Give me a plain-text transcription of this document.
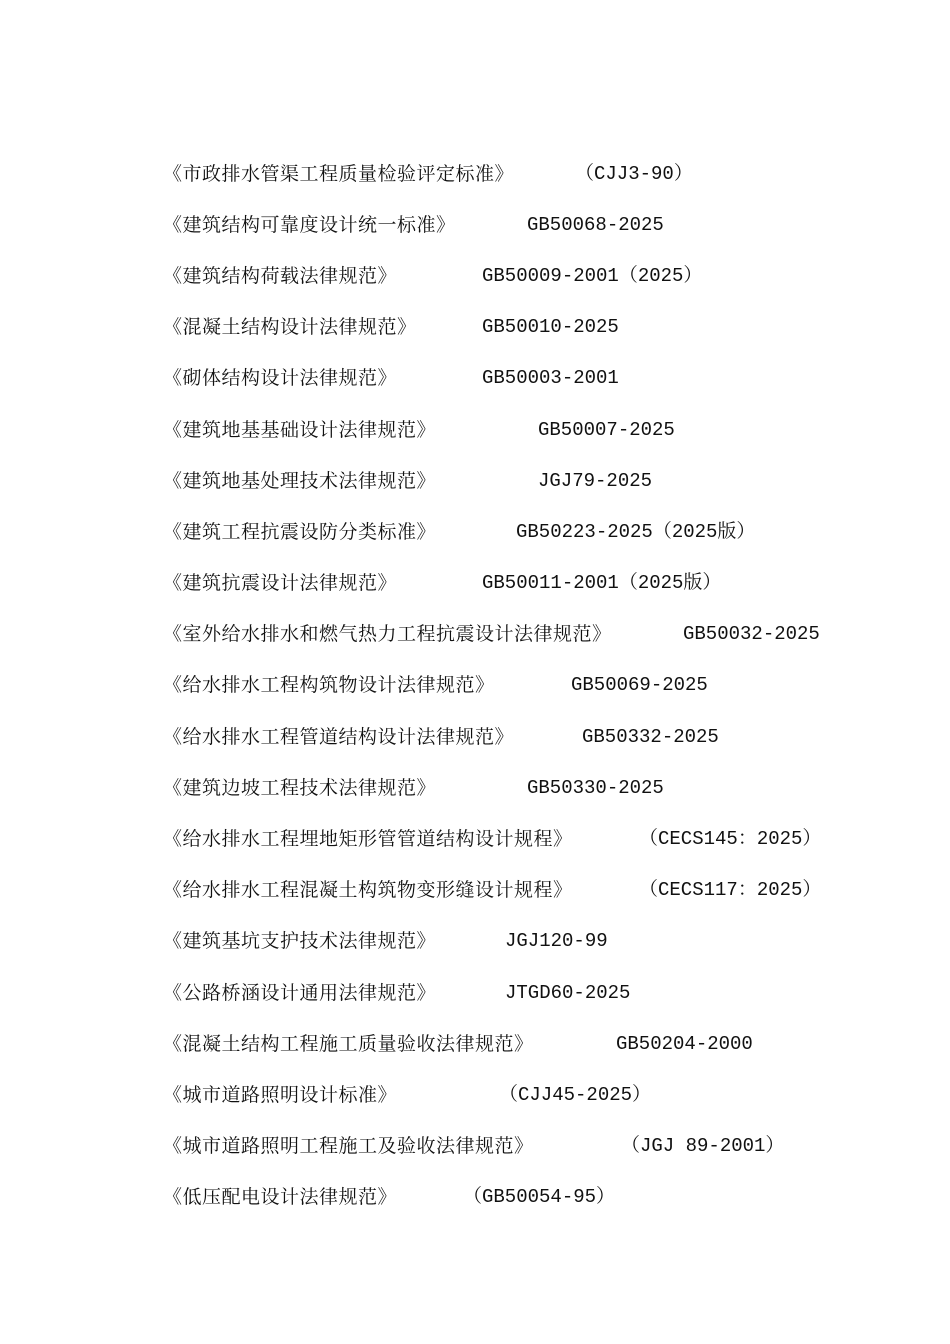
《市政排水管渠工程质量检验评定标准》	（CJJ3-90）
《建筑结构可靠度设计统一标准》	GB50068-2025
《建筑结构荷载法律规范》	GB50009-2001（2025）
《混凝土结构设计法律规范》	GB50010-2025
《砌体结构设计法律规范》	GB50003-2001
《建筑地基基础设计法律规范》	GB50007-2025
《建筑地基处理技术法律规范》	JGJ79-2025
《建筑工程抗震设防分类标准》	GB50223-2025（2025版）
《建筑抗震设计法律规范》	GB50011-2001（2025版）
《室外给水排水和燃气热力工程抗震设计法律规范》	GB50032-2025
《给水排水工程构筑物设计法律规范》	GB50069-2025
《给水排水工程管道结构设计法律规范》	GB50332-2025
《建筑边坡工程技术法律规范》	GB50330-2025
《给水排水工程埋地矩形管管道结构设计规程》	（CECS145：2025）
《给水排水工程混凝土构筑物变形缝设计规程》	（CECS117：2025）
《建筑基坑支护技术法律规范》	JGJ120-99
《公路桥涵设计通用法律规范》	JTGD60-2025
《混凝土结构工程施工质量验收法律规范》	GB50204-2000
《城市道路照明设计标准》	（CJJ45-2025）
《城市道路照明工程施工及验收法律规范》	（JGJ 89-2001）
《低压配电设计法律规范》	（GB50054-95）
